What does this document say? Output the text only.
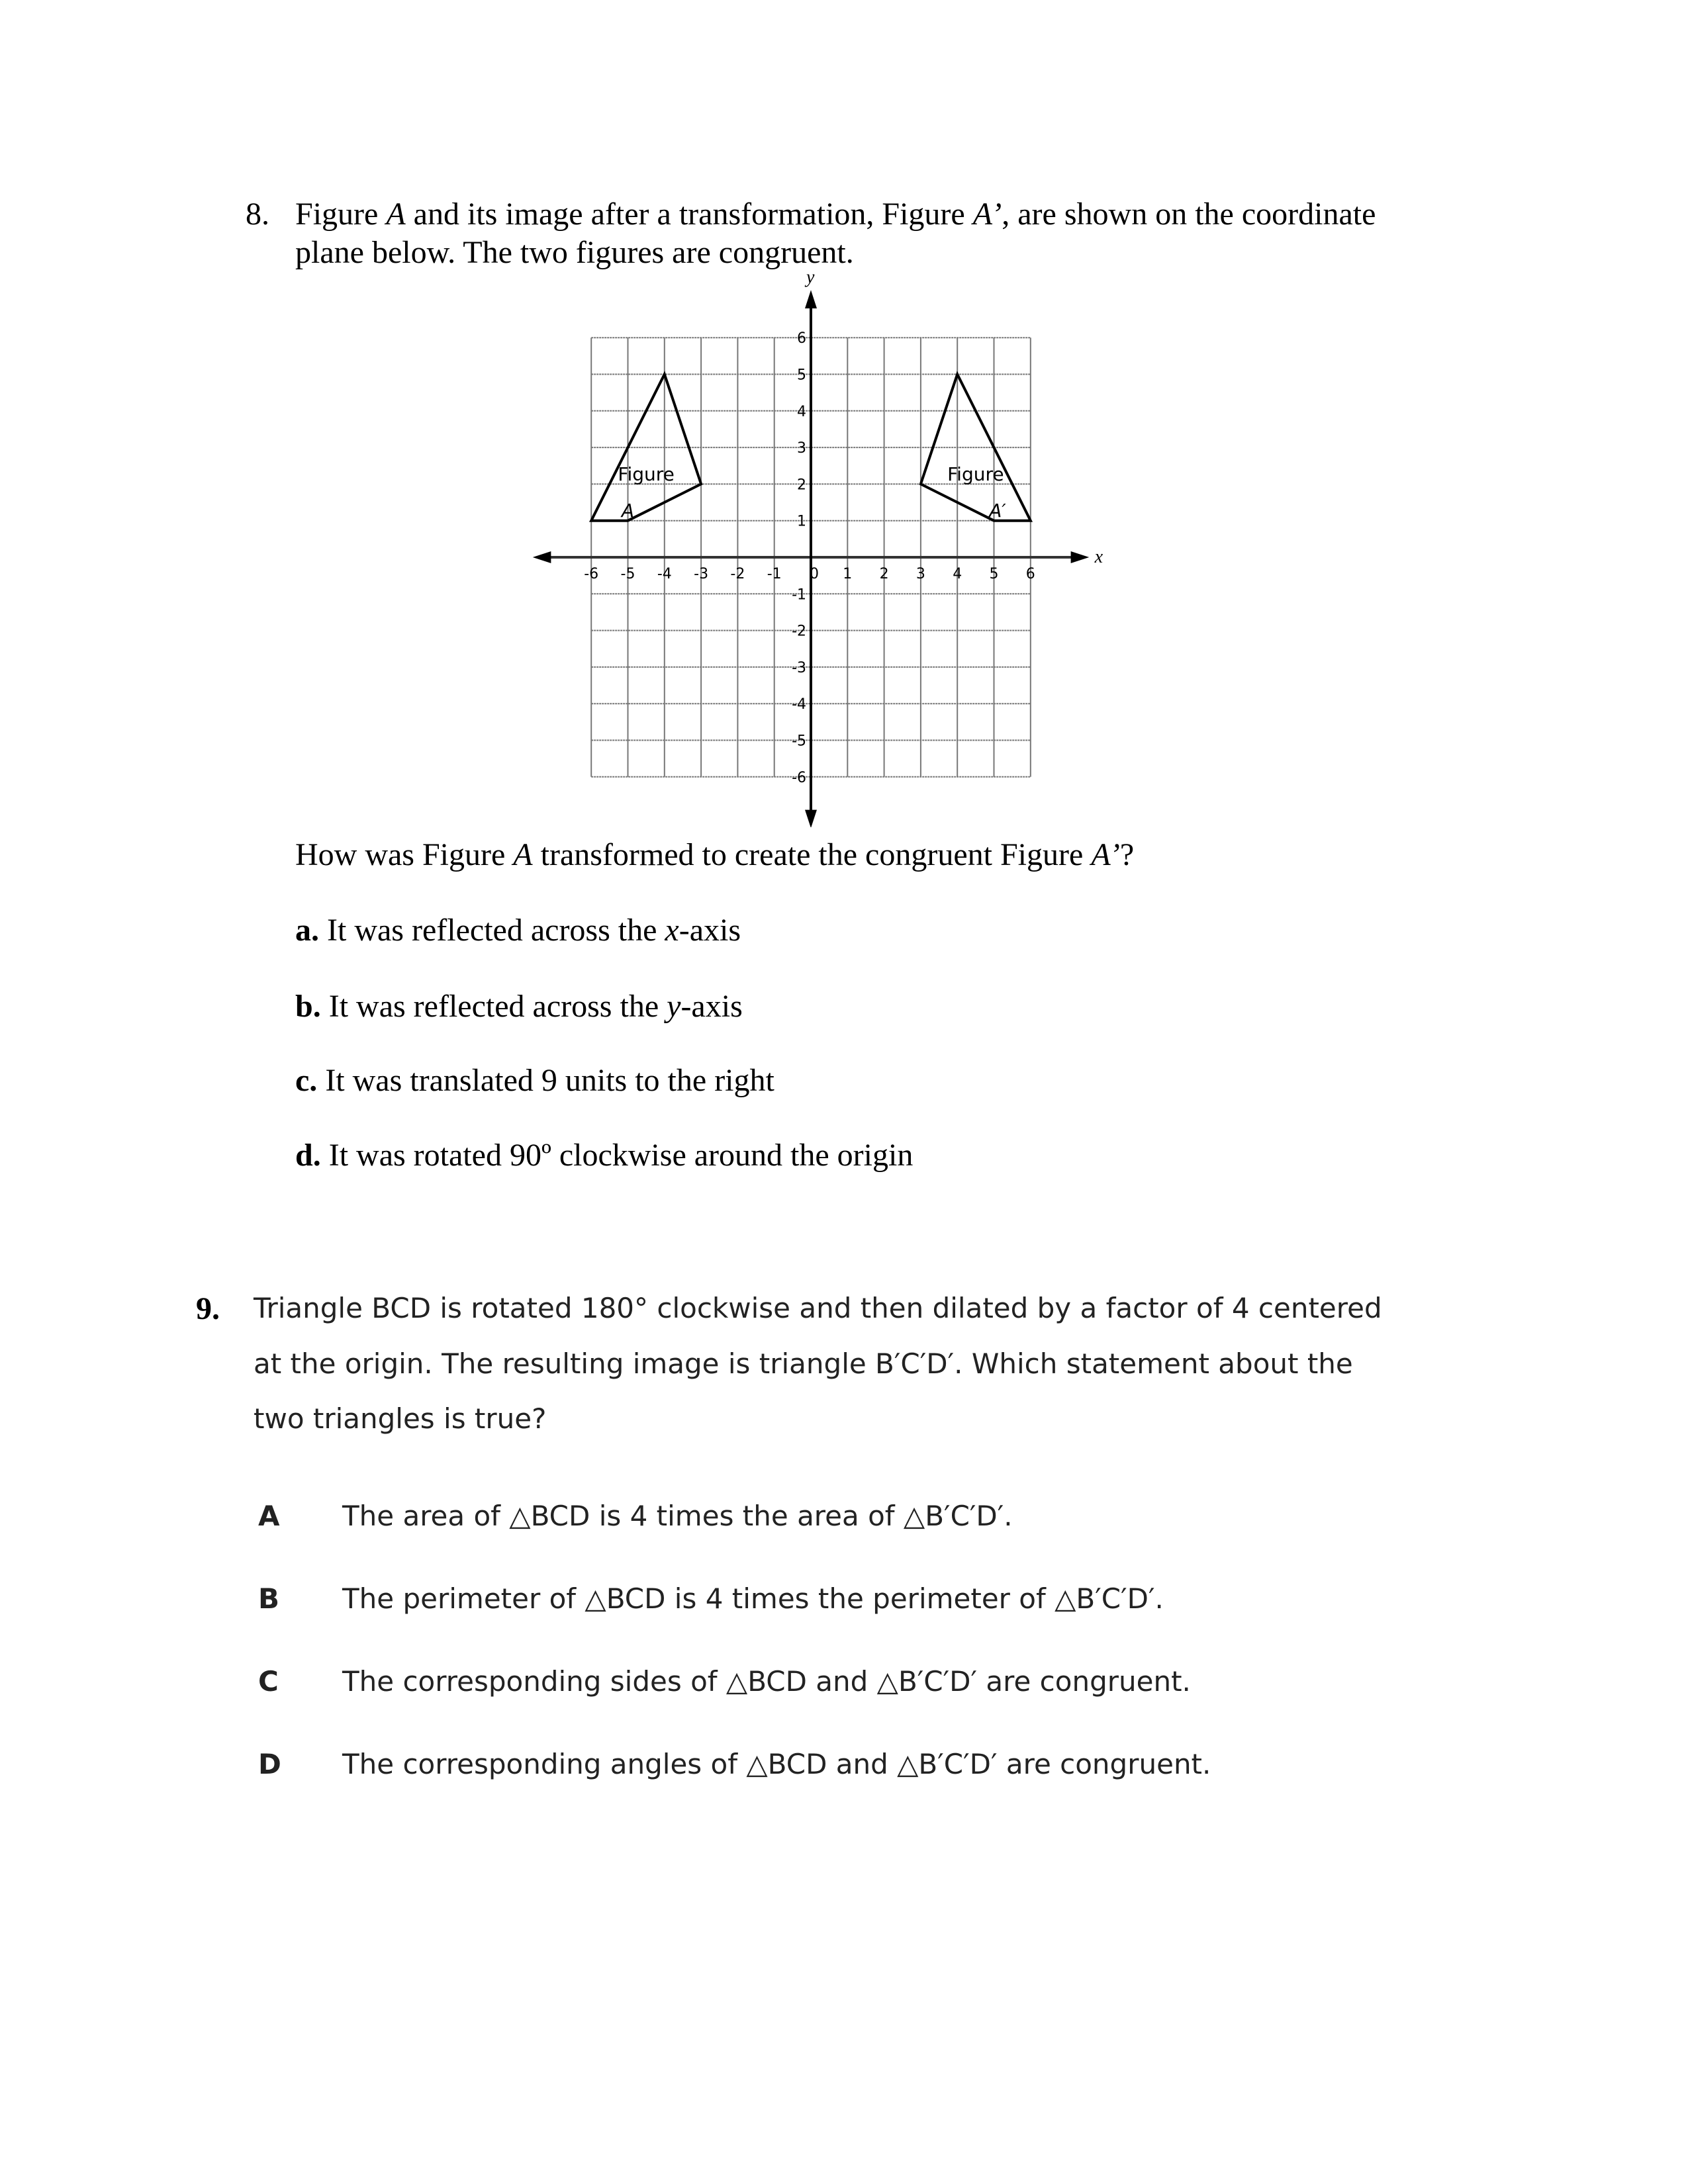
8. Figure A and its image after a transformation, Figure A’, are shown on the coordinate
plane below. The two figures are congruent.
x
y
-6 -5 -4 -3 -2 -1 0 1 2 3 4 5 6
6
5
4
3
2
1
-1
-2
-3
-4
-5
-6
Figure
A
Figure
A′
How was Figure A transformed to create the congruent Figure A’?
a. It was reflected across the x-axis
b. It was reflected across the y-axis
c. It was translated 9 units to the right
d. It was rotated 90º clockwise around the origin
9. Triangle BCD is rotated 180° clockwise and then dilated by a factor of 4 centered
at the origin. The resulting image is triangle B′C′D′. Which statement about the
two triangles is true?
A The area of △BCD is 4 times the area of △B′C′D′.
B The perimeter of △BCD is 4 times the perimeter of △B′C′D′.
C The corresponding sides of △BCD and △B′C′D′ are congruent.
D The corresponding angles of △BCD and △B′C′D′ are congruent.
